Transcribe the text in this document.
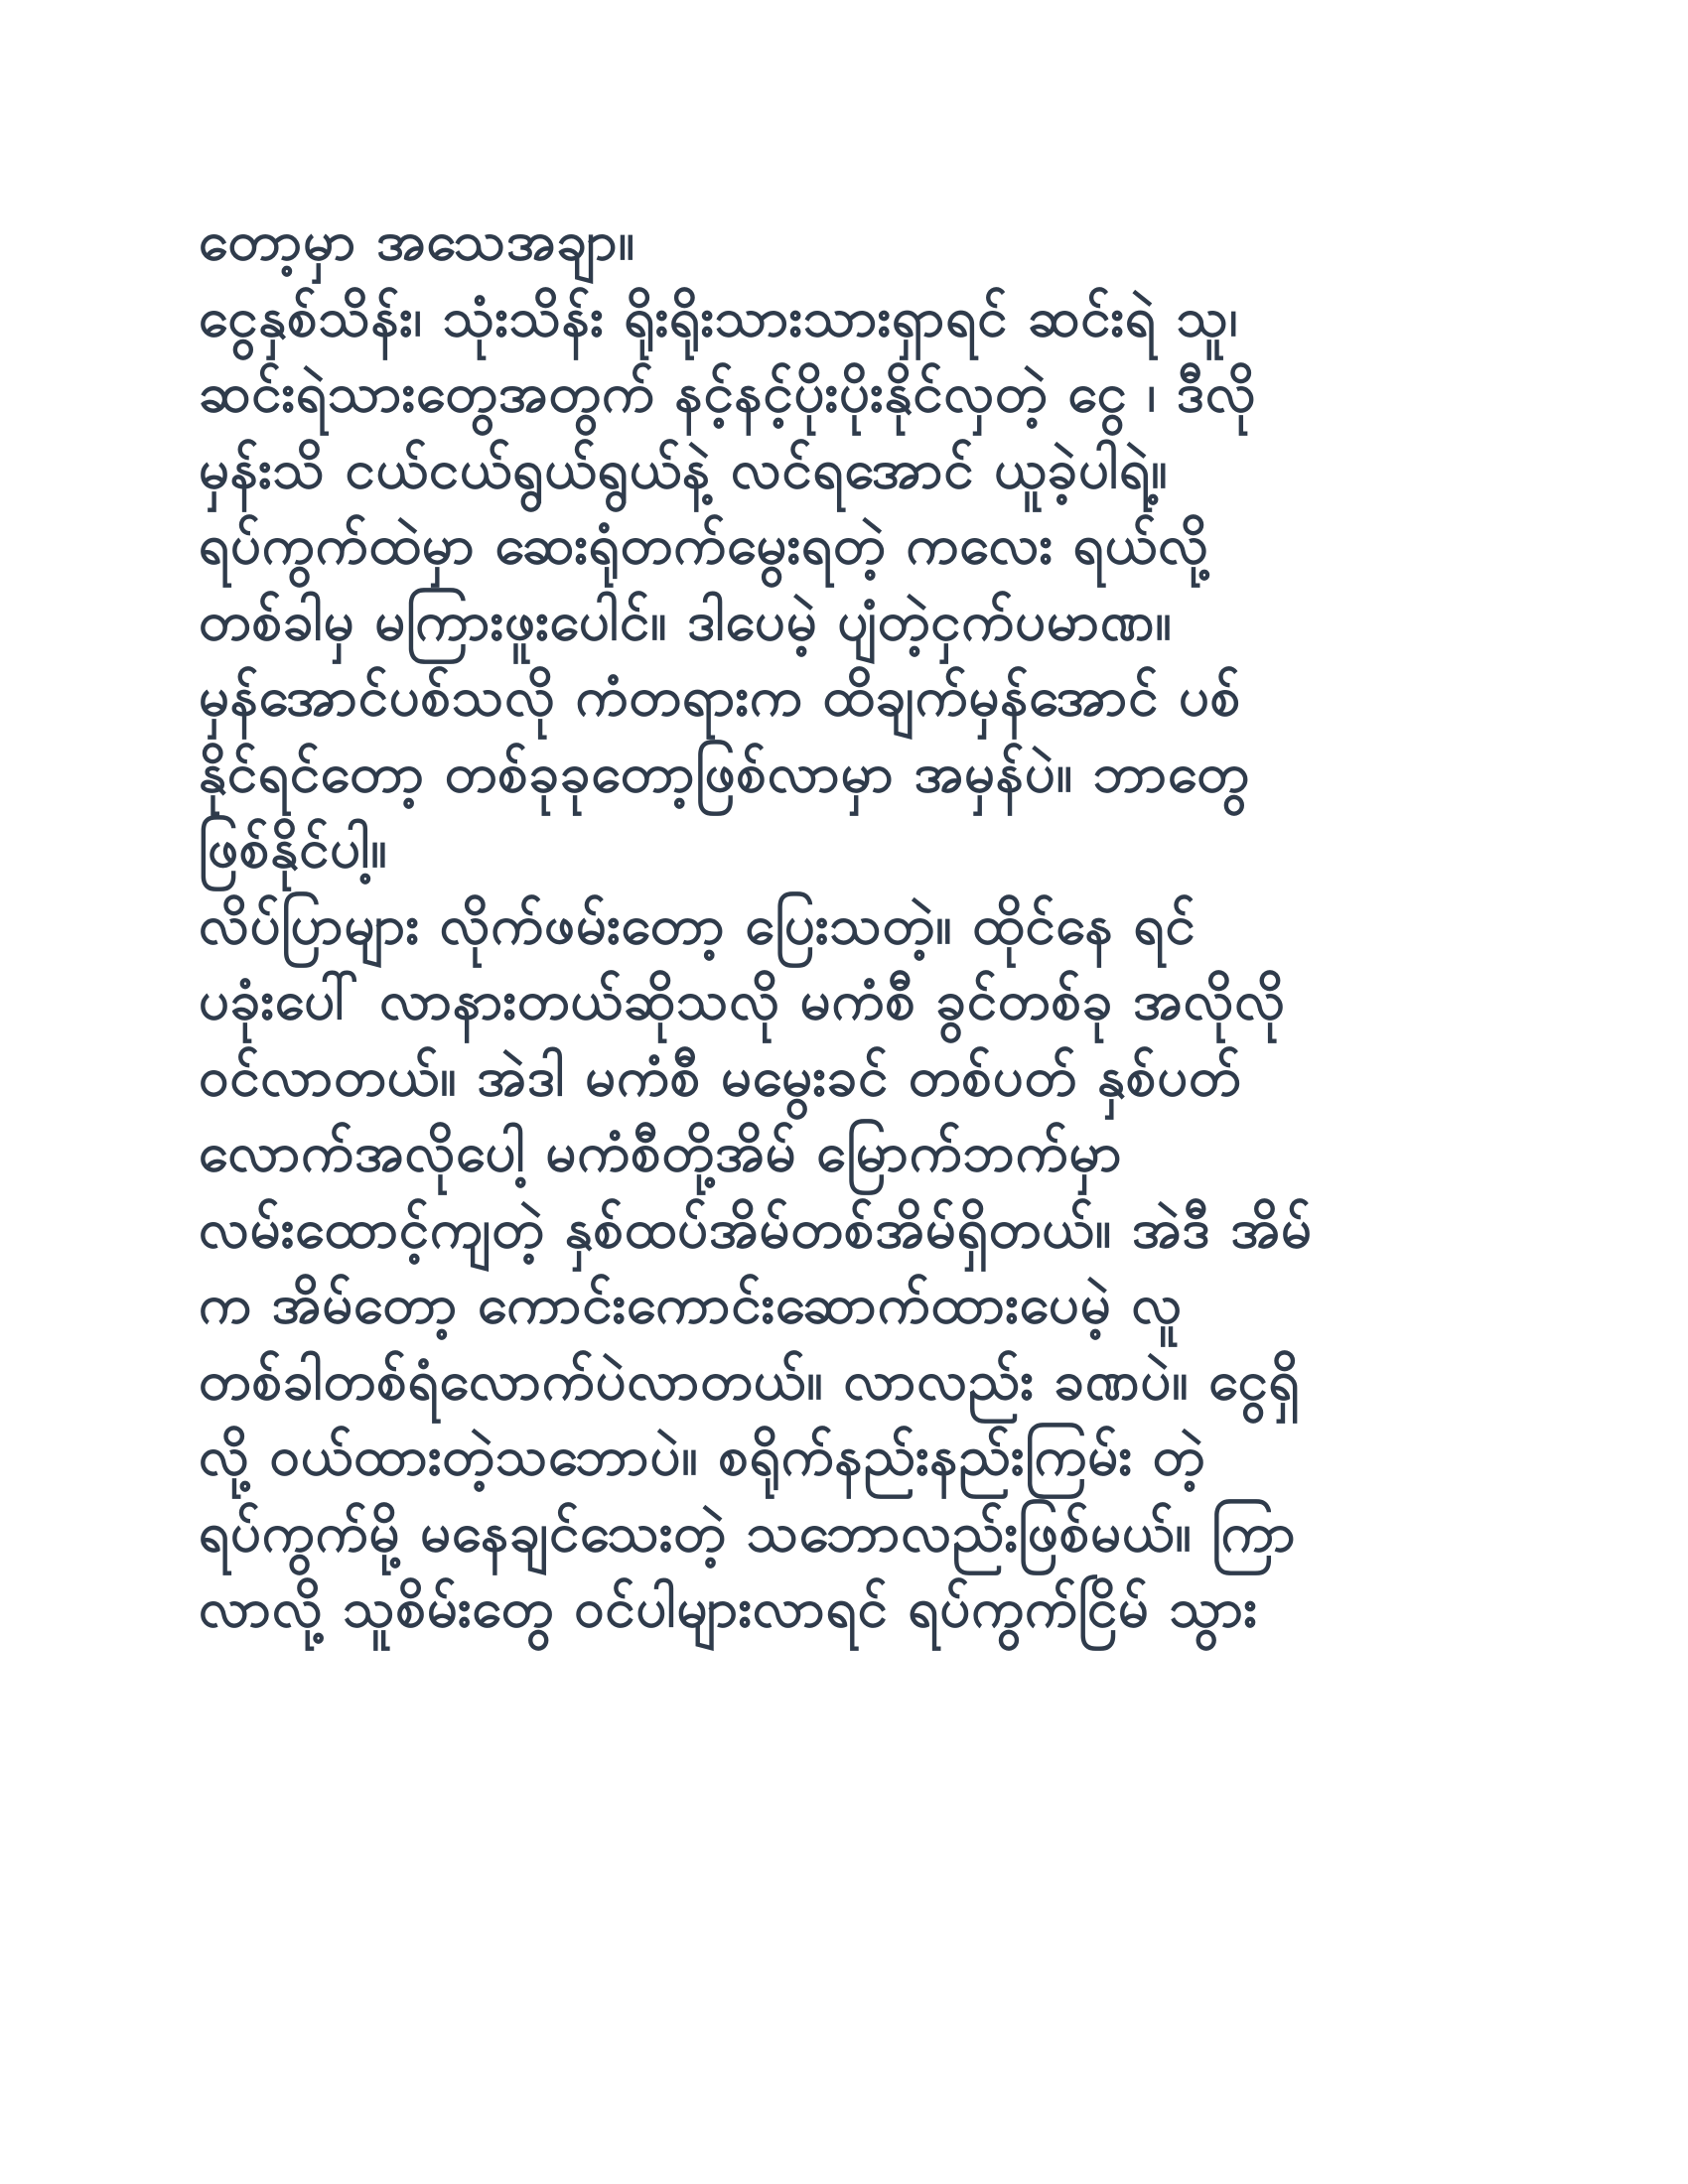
တော့မှာ အသေအချာ။
ငွေနှစ်သိန်း၊ သုံးသိန်း ရိုးရိုးသားသားရှာရင် ဆင်းရဲ သူ၊
ဆင်းရဲသားတွေအတွက် နင့်နင့်ပိုးပိုးနိုင်လှတဲ့ ငွေ ၊ ဒီလို
မှန်းသိ ငယ်ငယ်ရွယ်ရွယ်နဲ့ လင်ရအောင် ယူခဲ့ပါရဲ့။
ရပ်ကွက်ထဲမှာ ဆေးရုံတက်မွေးရတဲ့ ကလေး ရယ်လို့
တစ်ခါမှ မကြားဖူးပေါင်။ ဒါပေမဲ့ ပျံတဲ့ငှက်ပမာဏ။
မှန်အောင်ပစ်သလို ကံတရားက ထိချက်မှန်အောင် ပစ်
နိုင်ရင်တော့ တစ်ခုခုတော့ဖြစ်လာမှာ အမှန်ပဲ။ ဘာတွေ
ဖြစ်နိုင်ပါ့။
လိပ်ပြာများ လိုက်ဖမ်းတော့ ပြေးသတဲ့။ ထိုင်နေ ရင်
ပခုံးပေါ် လာနားတယ်ဆိုသလို မကံစီ ခွင်တစ်ခု အလိုလို
ဝင်လာတယ်။ အဲဒါ မကံစီ မမွေးခင် တစ်ပတ် နှစ်ပတ်
လောက်အလိုပေါ့ မကံစီတို့အိမ် မြောက်ဘက်မှာ
လမ်းထောင့်ကျတဲ့ နှစ်ထပ်အိမ်တစ်အိမ်ရှိတယ်။ အဲဒီ အိမ်
က အိမ်တော့ ကောင်းကောင်းဆောက်ထားပေမဲ့ လူ
တစ်ခါတစ်ရံလောက်ပဲလာတယ်။ လာလည်း ခဏပဲ။ ငွေရှိ
လို့ ဝယ်ထားတဲ့သဘောပဲ။ စရိုက်နည်းနည်းကြမ်း တဲ့
ရပ်ကွက်မို့ မနေချင်သေးတဲ့ သဘောလည်းဖြစ်မယ်။ ကြာ
လာလို့ သူစိမ်းတွေ ဝင်ပါများလာရင် ရပ်ကွက်ငြိမ် သွား
